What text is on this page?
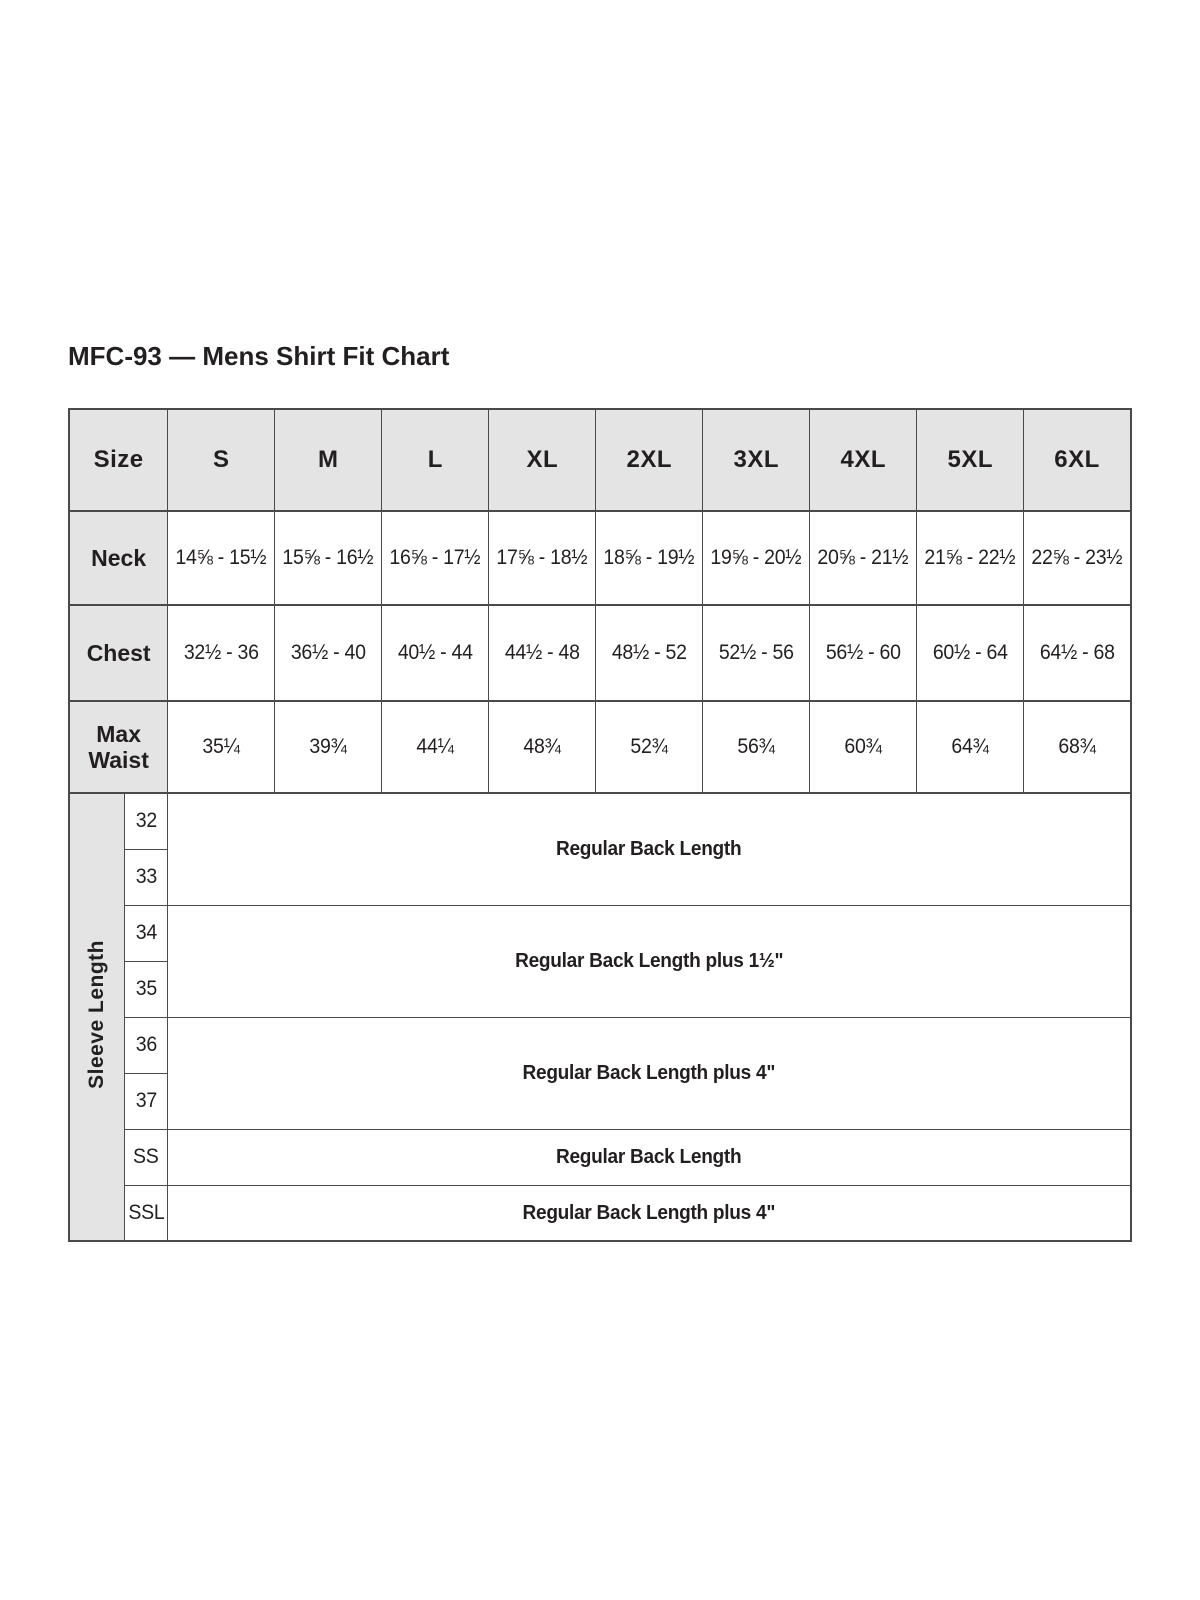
MFC-93 — Mens Shirt Fit Chart
Size		S	M	L	XL	2XL	3XL	4XL	5XL	6XL
Neck		14⅝ - 15½	15⅝ - 16½	16⅝ - 17½	17⅝ - 18½	18⅝ - 19½	19⅝ - 20½	20⅝ - 21½	21⅝ - 22½	22⅝ - 23½
Chest		32½ - 36	36½ - 40	40½ - 44	44½ - 48	48½ - 52	52½ - 56	56½ - 60	60½ - 64	64½ - 68
Max Waist		35¼	39¾	44¼	48¾	52¾	56¾	60¾	64¾	68¾
Sleeve Length	32	Regular Back Length								
	33									
	34	Regular Back Length plus 1½"								
	35									
	36	Regular Back Length plus 4"								
	37									
	SS	Regular Back Length								
	SSL	Regular Back Length plus 4"								
